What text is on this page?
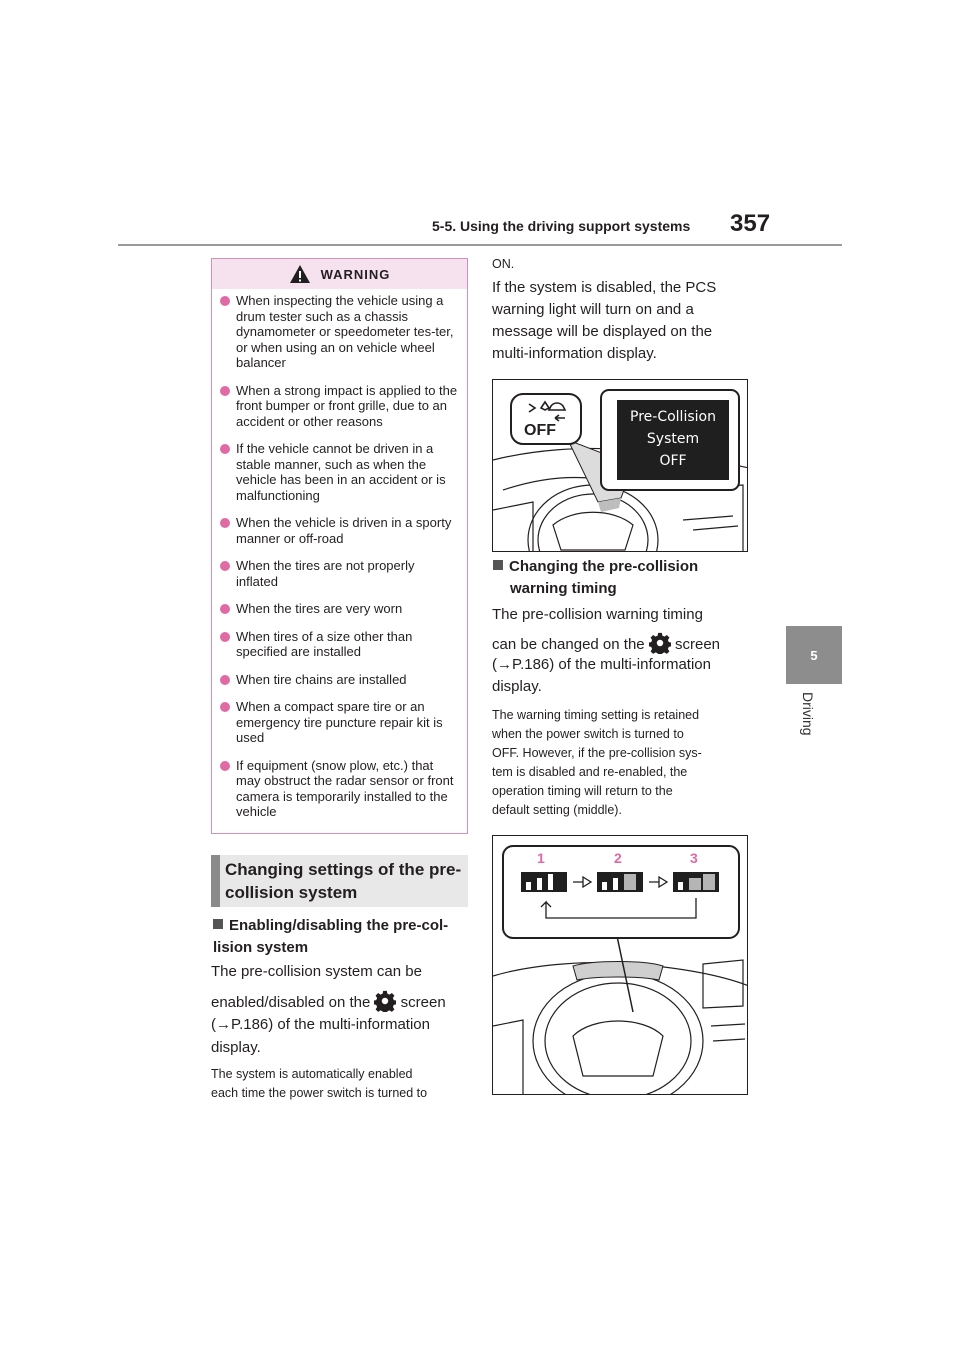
5-5. Using the driving support systems 357
5
Driving
WARNING
When inspecting the vehicle using a drum tester such as a chassis dynamometer or speedometer tes-ter, or when using an on vehicle wheel balancer
When a strong impact is applied to the front bumper or front grille, due to an accident or other reasons
If the vehicle cannot be driven in a stable manner, such as when the vehicle has been in an accident or is malfunctioning
When the vehicle is driven in a sporty manner or off-road
When the tires are not properly inflated
When the tires are very worn
When tires of a size other than specified are installed
When tire chains are installed
When a compact spare tire or an emergency tire puncture repair kit is used
If equipment (snow plow, etc.) that may obstruct the radar sensor or front camera is temporarily installed to the vehicle
Changing settings of the pre-collision system
Enabling/disabling the pre-col-lision system
The pre-collision system can be
enabled/disabled on the screen
(→P.186) of the multi-information
display.
The system is automatically enabled
each time the power switch is turned to
ON.
If the system is disabled, the PCS
warning light will turn on and a
message will be displayed on the
multi-information display.
OFF
Pre-Collision
System
OFF
Changing the pre-collision
warning timing
The pre-collision warning timing
can be changed on the screen
(→P.186) of the multi-information
display.
The warning timing setting is retained
when the power switch is turned to
OFF. However, if the pre-collision sys-
tem is disabled and re-enabled, the
operation timing will return to the
default setting (middle).
1	2	3
